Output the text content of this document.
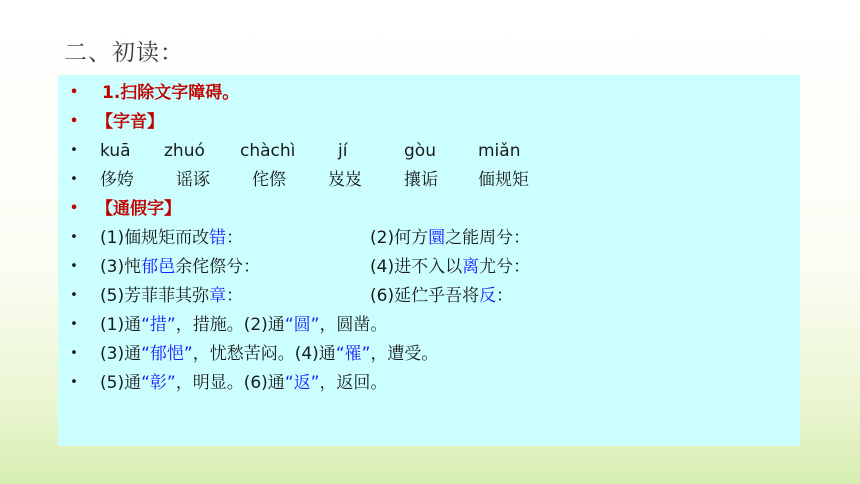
二、初读：
• 1.扫除文字障碍。
• 【字音】
• kuā zhuó chàchì	jí	gòu miǎn
• 侈姱 谣诼 侘傺 岌岌 攘诟 偭规矩
• 【通假字】
• (1)偭规矩而改错：	(2)何方圜之能周兮：
• (3)忳郁邑余侘傺兮：	(4)进不入以离尤兮：
• (5)芳菲菲其弥章：	(6)延伫乎吾将反：
• (1)通“措”，措施。(2)通“圆”，圆凿。
• (3)通“郁悒”，忧愁苦闷。(4)通“罹”，遭受。
• (5)通“彰”，明显。(6)通“返”，返回。
